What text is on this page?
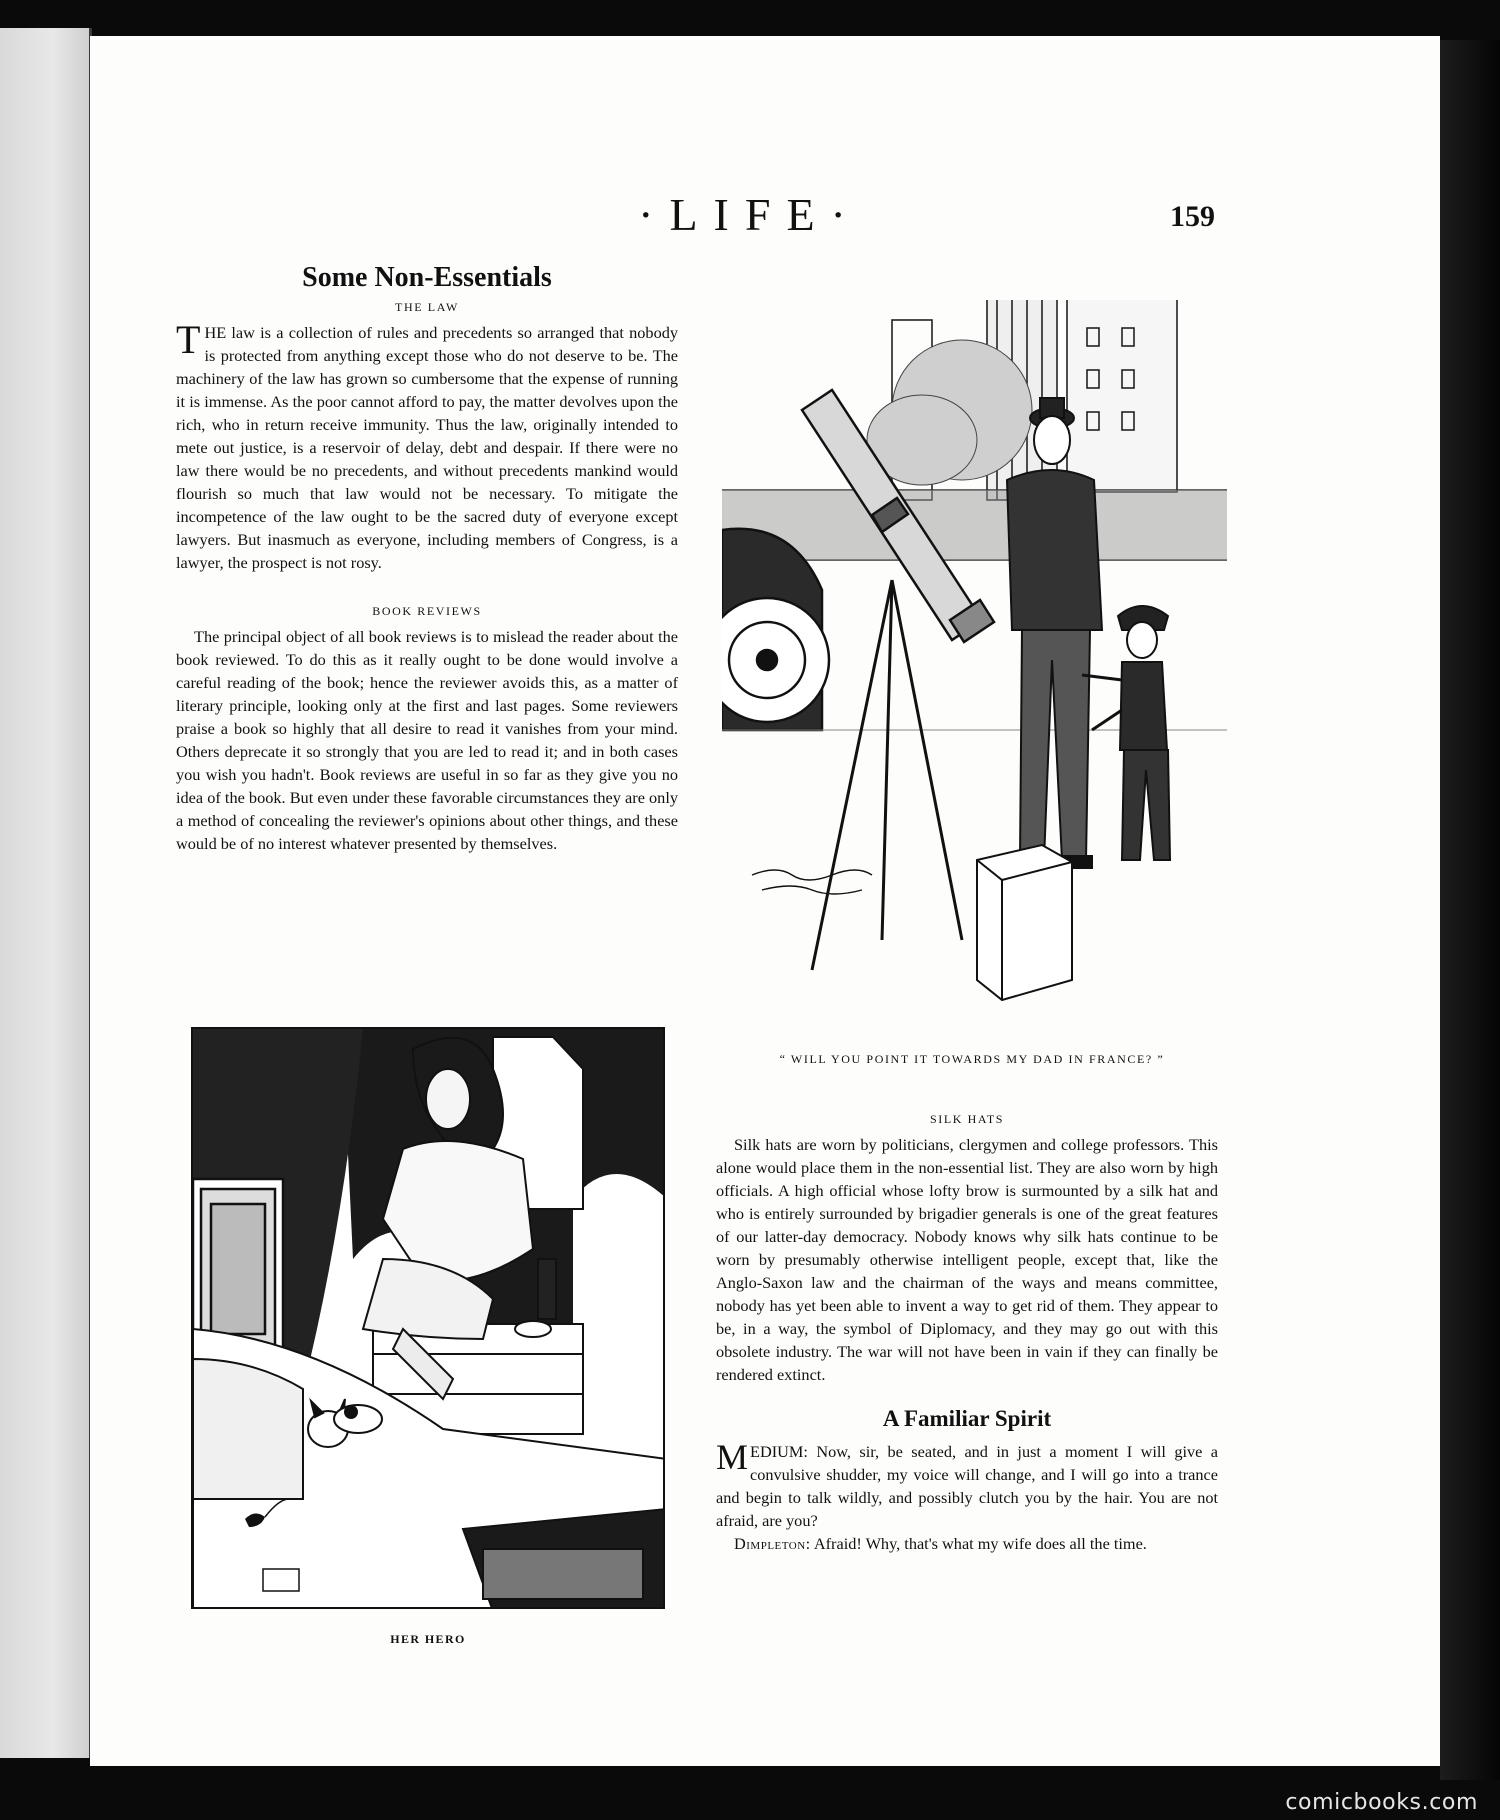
·LIFE·	159
Some Non-Essentials
THE LAW

THE law is a collection of rules and precedents so arranged that nobody is protected from anything except those who do not deserve to be. The machinery of the law has grown so cumbersome that the expense of running it is immense. As the poor cannot afford to pay, the matter devolves upon the rich, who in return receive immunity. Thus the law, originally intended to mete out justice, is a reservoir of delay, debt and despair. If there were no law there would be no precedents, and without precedents mankind would flourish so much that law would not be necessary. To mitigate the incompetence of the law ought to be the sacred duty of everyone except lawyers. But inasmuch as everyone, including members of Congress, is a lawyer, the prospect is not rosy.

BOOK REVIEWS

The principal object of all book reviews is to mislead the reader about the book reviewed. To do this as it really ought to be done would involve a careful reading of the book; hence the reviewer avoids this, as a matter of literary principle, looking only at the first and last pages. Some reviewers praise a book so highly that all desire to read it vanishes from your mind. Others deprecate it so strongly that you are led to read it; and in both cases you wish you hadn't. Book reviews are useful in so far as they give you no idea of the book. But even under these favorable circumstances they are only a method of concealing the reviewer's opinions about other things, and these would be of no interest whatever presented by themselves.

“ WILL YOU POINT IT TOWARDS MY DAD IN FRANCE? ”
HER HERO
SILK HATS

Silk hats are worn by politicians, clergymen and college professors. This alone would place them in the non-essential list. They are also worn by high officials. A high official whose lofty brow is surmounted by a silk hat and who is entirely surrounded by brigadier generals is one of the great features of our latter-day democracy. Nobody knows why silk hats continue to be worn by presumably otherwise intelligent people, except that, like the Anglo-Saxon law and the chairman of the ways and means committee, nobody has yet been able to invent a way to get rid of them. They appear to be, in a way, the symbol of Diplomacy, and they may go out with this obsolete industry. The war will not have been in vain if they can finally be rendered extinct.

A Familiar Spirit

MEDIUM: Now, sir, be seated, and in just a moment I will give a convulsive shudder, my voice will change, and I will go into a trance and begin to talk wildly, and possibly clutch you by the hair. You are not afraid, are you?

Dimpleton: Afraid! Why, that's what my wife does all the time.

comicbooks.com
